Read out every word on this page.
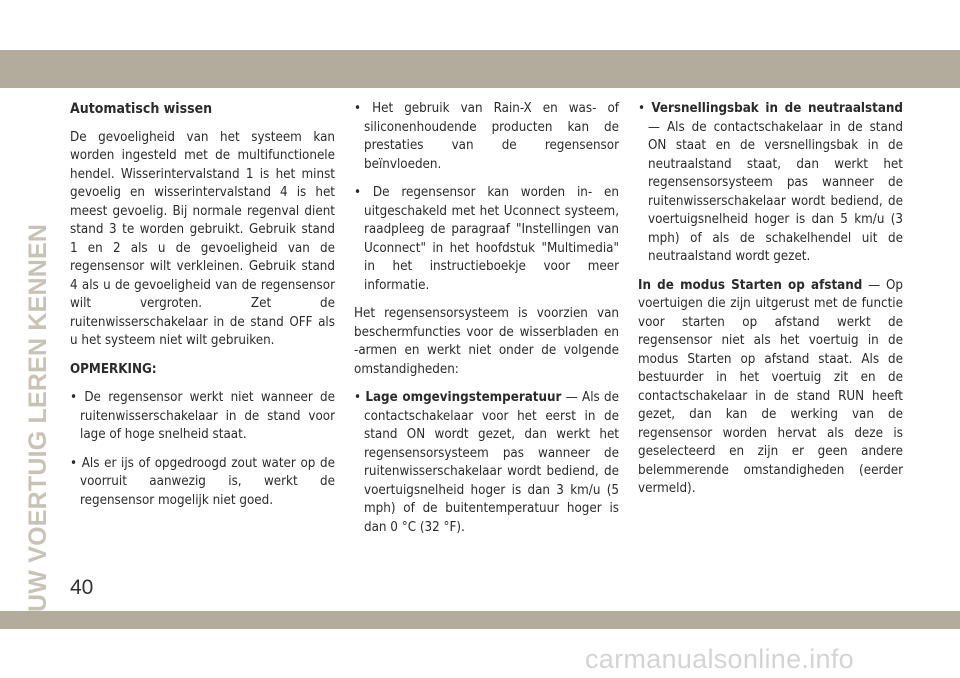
UW VOERTUIG LEREN KENNEN
Automatisch wissen

De gevoeligheid van het systeem kan worden ingesteld met de multifunctionele hendel. Wisserintervalstand 1 is het minst gevoelig en wisserintervalstand 4 is het meest gevoelig. Bij normale regenval dient stand 3 te worden gebruikt. Gebruik stand 1 en 2 als u de gevoeligheid van de regensensor wilt verkleinen. Gebruik stand 4 als u de gevoeligheid van de regensensor wilt vergroten. Zet de ruitenwisserschakelaar in de stand OFF als u het systeem niet wilt gebruiken.

OPMERKING:

• De regensensor werkt niet wanneer de ruitenwisserschakelaar in de stand voor lage of hoge snelheid staat.

• Als er ijs of opgedroogd zout water op de voorruit aanwezig is, werkt de regensensor mogelijk niet goed.

• Het gebruik van Rain-X en was- of siliconenhoudende producten kan de prestaties van de regensensor beïnvloeden.

• De regensensor kan worden in- en uitgeschakeld met het Uconnect systeem, raadpleeg de paragraaf "Instellingen van Uconnect" in het hoofdstuk "Multimedia" in het instructieboekje voor meer informatie.

Het regensensorsysteem is voorzien van beschermfuncties voor de wisserbladen en -armen en werkt niet onder de volgende omstandigheden:

• Lage omgevingstemperatuur — Als de contactschakelaar voor het eerst in de stand ON wordt gezet, dan werkt het regensensorsysteem pas wanneer de ruitenwisserschakelaar wordt bediend, de voertuigsnelheid hoger is dan 3 km/u (5 mph) of de buitentemperatuur hoger is dan 0 °C (32 °F).

• Versnellingsbak in de neutraalstand — Als de contactschakelaar in de stand ON staat en de versnellingsbak in de neutraalstand staat, dan werkt het regensensorsysteem pas wanneer de ruitenwisserschakelaar wordt bediend, de voertuigsnelheid hoger is dan 5 km/u (3 mph) of als de schakelhendel uit de neutraalstand wordt gezet.

In de modus Starten op afstand — Op voertuigen die zijn uitgerust met de functie voor starten op afstand werkt de regensensor niet als het voertuig in de modus Starten op afstand staat. Als de bestuurder in het voertuig zit en de contactschakelaar in de stand RUN heeft gezet, dan kan de werking van de regensensor worden hervat als deze is geselecteerd en zijn er geen andere belemmerende omstandigheden (eerder vermeld).

40
carmanualsonline.info
